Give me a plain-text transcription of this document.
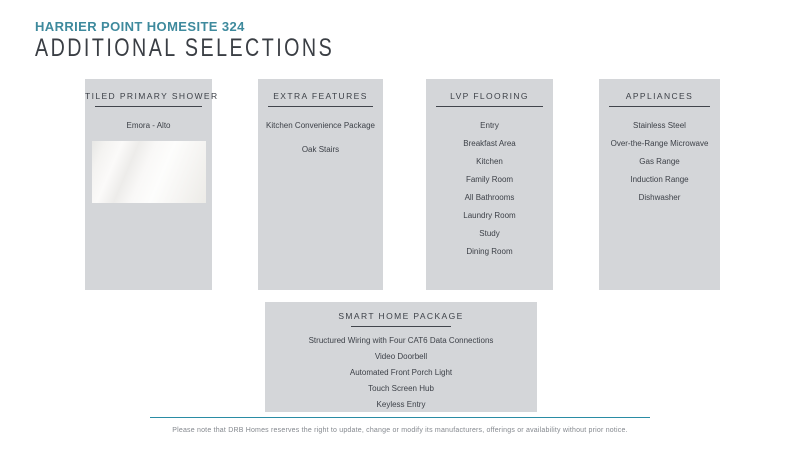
HARRIER POINT HOMESITE 324
ADDITIONAL SELECTIONS
TILED PRIMARY SHOWER
Emora - Alto
EXTRA FEATURES
Kitchen Convenience Package
Oak Stairs
LVP FLOORING
Entry
Breakfast Area
Kitchen
Family Room
All Bathrooms
Laundry Room
Study
Dining Room
APPLIANCES
Stainless Steel
Over-the-Range Microwave
Gas Range
Induction Range
Dishwasher
SMART HOME PACKAGE
Structured Wiring with Four CAT6 Data Connections
Video Doorbell
Automated Front Porch Light
Touch Screen Hub
Keyless Entry
Please note that DRB Homes reserves the right to update, change or modify its manufacturers, offerings or availability without prior notice.
